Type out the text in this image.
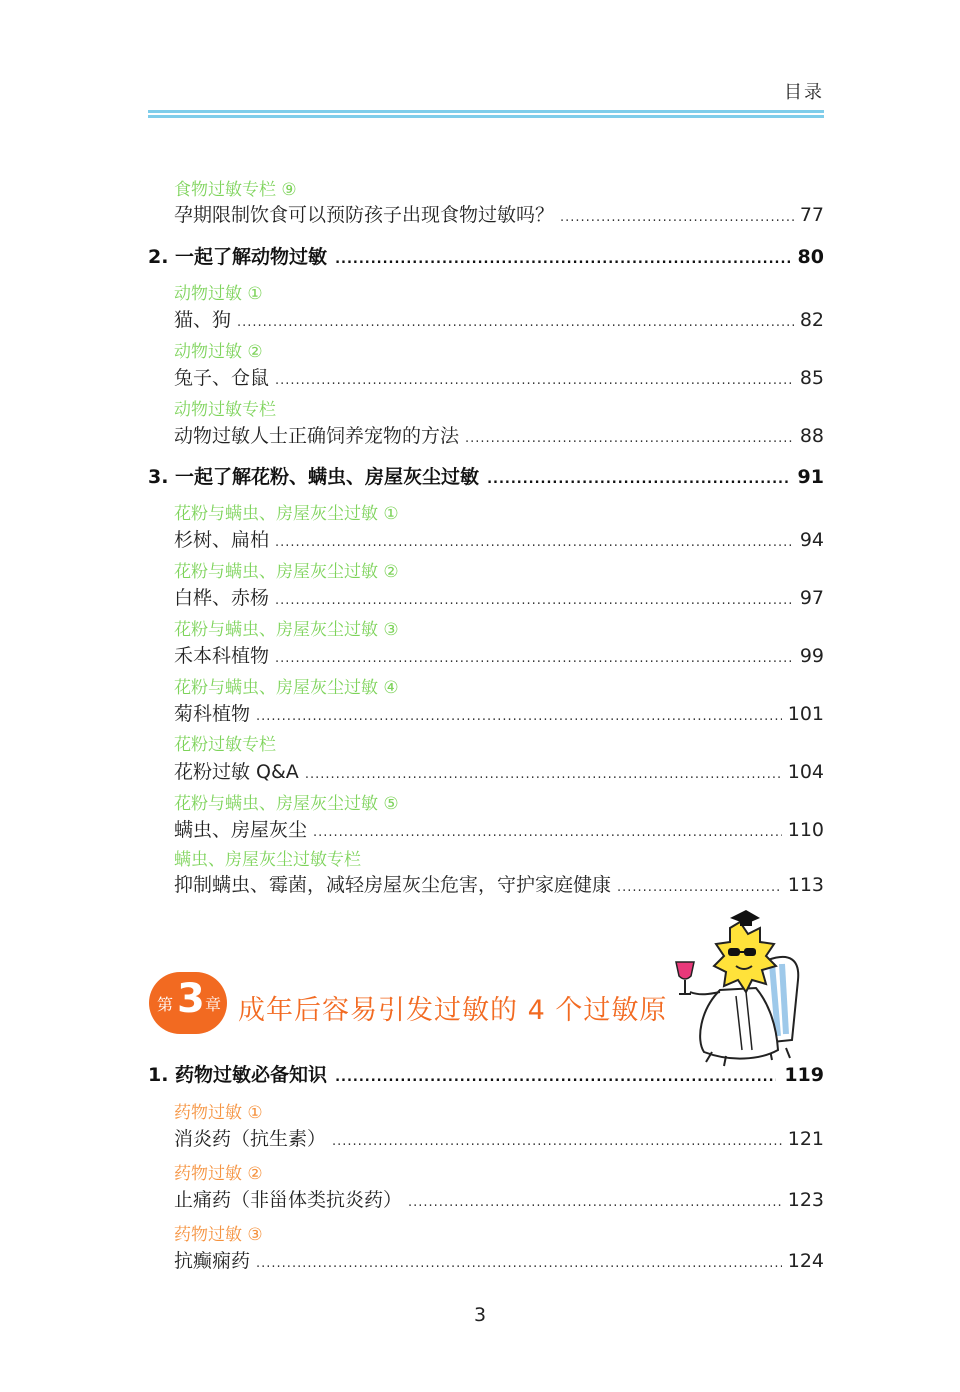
目录
食物过敏专栏 ⑨
孕期限制饮食可以预防孩子出现食物过敏吗？ .....	77
2. 一起了解动物过敏 .....	80
动物过敏 ①
猫、狗 .....	82
动物过敏 ②
兔子、仓鼠 .....	85
动物过敏专栏
动物过敏人士正确饲养宠物的方法 .....	88
3. 一起了解花粉、螨虫、房屋灰尘过敏 .....	91
花粉与螨虫、房屋灰尘过敏 ①
杉树、扁柏 .....	94
花粉与螨虫、房屋灰尘过敏 ②
白桦、赤杨 .....	97
花粉与螨虫、房屋灰尘过敏 ③
禾本科植物 .....	99
花粉与螨虫、房屋灰尘过敏 ④
菊科植物 .....	101
花粉过敏专栏
花粉过敏 Q&A .....	104
花粉与螨虫、房屋灰尘过敏 ⑤
螨虫、房屋灰尘 .....	110
螨虫、房屋灰尘过敏专栏
抑制螨虫、霉菌，减轻房屋灰尘危害，守护家庭健康 .....	113
1. 药物过敏必备知识 .....	119
药物过敏 ①
消炎药（抗生素） .....	121
药物过敏 ②
止痛药（非甾体类抗炎药） .....	123
药物过敏 ③
抗癫痫药 .....	124
第 3 章 成年后容易引发过敏的 4 个过敏原
3
